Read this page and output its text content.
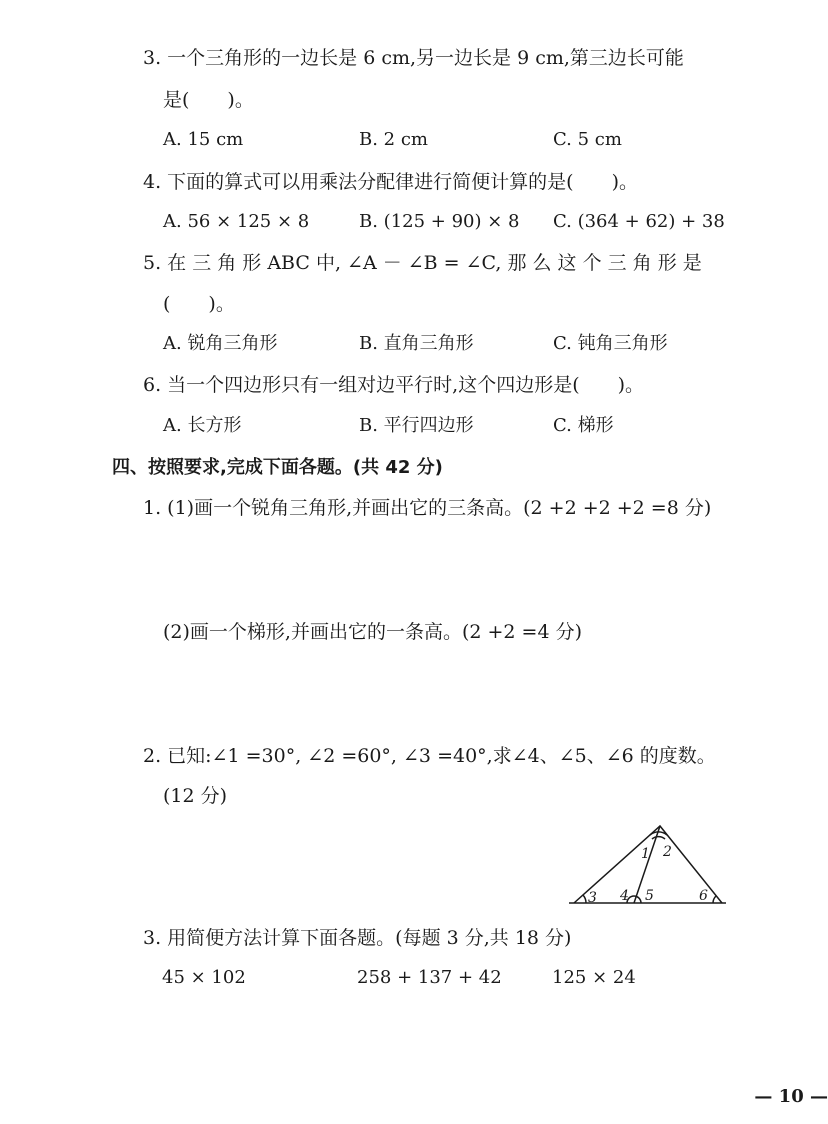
3. 一个三角形的一边长是 6 cm,另一边长是 9 cm,第三边长可能
是(　　)。
A. 15 cm	B. 2 cm	C. 5 cm
4. 下面的算式可以用乘法分配律进行简便计算的是(　　)。
A. 56 × 125 × 8	B. (125 + 90) × 8 C. (364 + 62) + 38
5. 在 三 角 形 ABC 中, ∠A － ∠B = ∠C, 那 么 这 个 三 角 形 是
(　　)。
A. 锐角三角形	B. 直角三角形	C. 钝角三角形
6. 当一个四边形只有一组对边平行时,这个四边形是(　　)。
A. 长方形	B. 平行四边形	C. 梯形
四、按照要求,完成下面各题。(共 42 分)
1. (1)画一个锐角三角形,并画出它的三条高。(2 +2 +2 +2 =8 分)
(2)画一个梯形,并画出它的一条高。(2 +2 =4 分)
2. 已知:∠1 =30°, ∠2 =60°, ∠3 =40°,求∠4、∠5、∠6 的度数。
(12 分)
1 2
3 4 5	6
3. 用简便方法计算下面各题。(每题 3 分,共 18 分)
45 × 102	258 + 137 + 42	125 × 24
— 10 —
